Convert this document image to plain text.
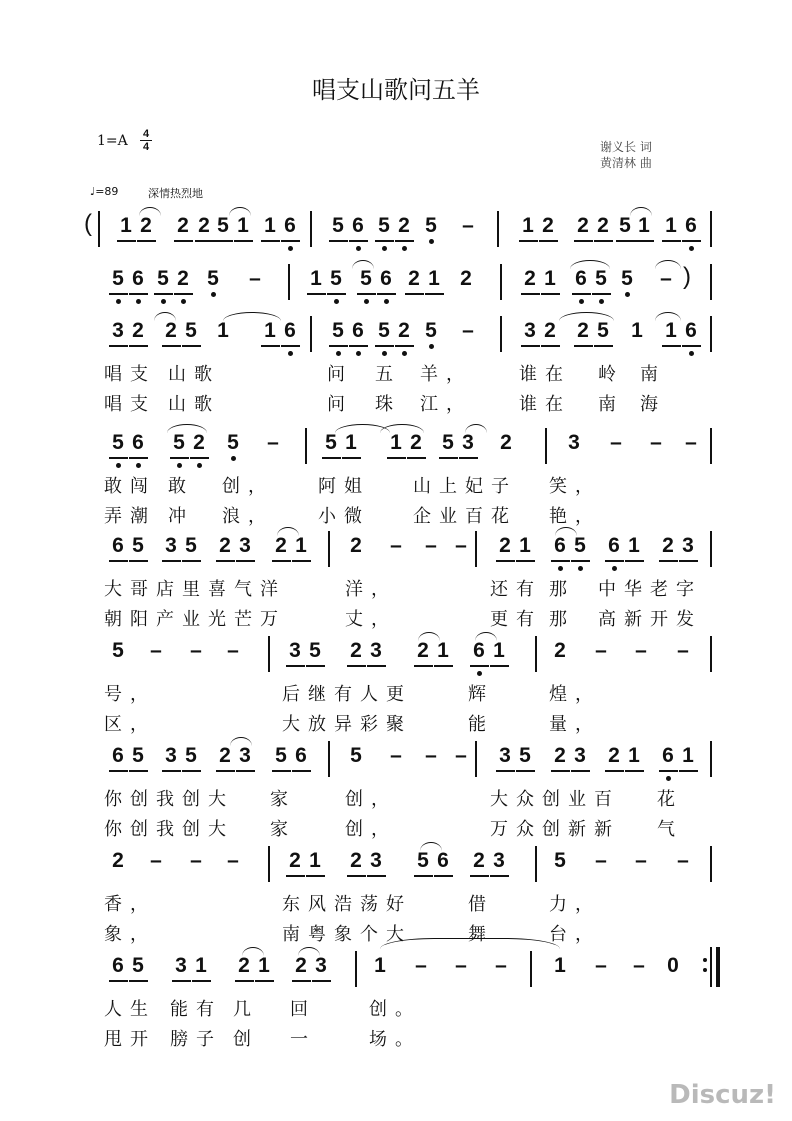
唱支山歌问五羊
1=A 4
4	谢义长 词
黄清林 曲
♩=89	深情热烈地
1 2 2 2 5 1 1 6 5 6 5 2 5 – 1 2 2 2 5 1 1 6
5 6 5 2 5 – 1 5 5 6 2 1 2 2 1 6 5 5 –
3 2 2 5 1 1 6 5 6 5 2 5 – 3 2 2 5 1 1 6
唱支 山歌	问 五 羊，	谁在 岭 南
唱支 山歌	问 珠 江，	谁在 南 海
5 6 5 2 5 – 5 1 1 2 5 3 2	3 – – –
敢闯 敢 创， 阿姐 山上妃子 笑，
弄潮 冲 浪， 小微 企业百花 艳，
6 5 3 5 2 3 2 1 2 – – – 2 1 6 5 6 1 2 3
大哥店里喜气洋	洋，	还有 那 中华老字
朝阳产业光芒万	丈，	更有 那 高新开发
5 – – – 3 5 2 3 2 1 6 1 2 – – –
号，	后继有人更	辉	煌，
区，	大放异彩聚	能	量，
6 5 3 5 2 3 5 6 5 – – – 3 5 2 3 2 1 6 1
你创我创大 家	创，	大众创业百 花
你创我创大 家	创，	万众创新新 气
2 – – – 2 1 2 3 5 6 2 3 5 – – –
香，	东风浩荡好	借	力，
象，	南粤象个大	舞	台，
6 5 3 1 2 1 2 3 1 – – – 1 – – 0
人生 能有 几 回	创。
甩开 膀子 创 一	场。
(
)
Discuz!
